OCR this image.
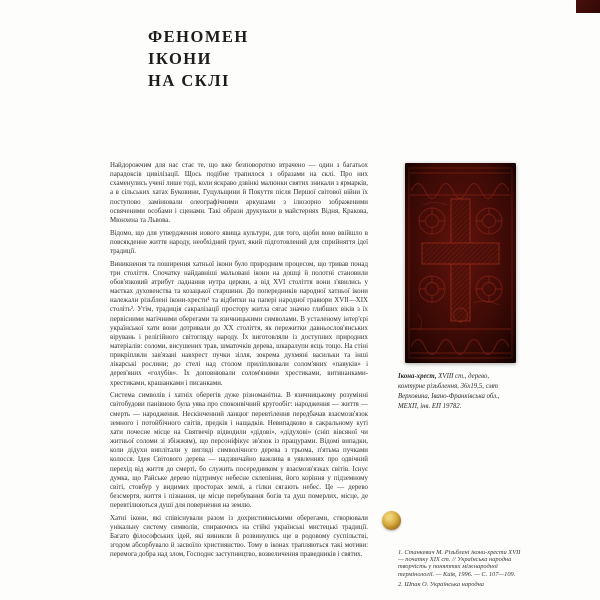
ФЕНОМЕН
ІКОНИ
НА СКЛІ

Найдорожчим для нас стає те, що вже безповоротно втрачено — один з багатьох парадоксів цивілізації. Щось подібне трапилося з образами на склі. Про них схаменулись учені лише тоді, коли яскраво дзвінкі малюнки святих зникали з ярмарків, а в сільських хатах Буковини, Гуцульщини й Покуття після Першої світової війни їх поступово замінювали олеографічними аркушами з ілюзорно зображеними освяченими особами і сценами. Такі образи друкували в майстернях Відня, Кракова, Мюнхена та Львова.

Відомо, що для утвердження нового явища культури, для того, щоби воно ввійшло в повсякденне життя народу, необхідний ґрунт, який підготовлений для сприйняття ідеї традиції.

Виникнення та поширення хатньої ікони було природним процесом, що тривав понад три століття. Спочатку найдавніші мальовані ікони на дошці й полотні становили обов'язковий атрибут ладнання нутра церкви, а від XVI століття вони з'явились у маєтках духовенства та козацької старшини. До попередників народної хатньої ікони належали різьблені ікони-хрести¹ та відбитки на папері народної гравюри XVII—XIX століть². Утім, традиція сакралізації простору житла сягає значно глибших віків з їх первісними магічними оберегами та язичницькими символами. В усталеному інтер'єрі української хати вони дотривали до XX століття, як пережитки давньослов'янських вірувань і релігійного світогляду народу. Їх виготовляли із доступних природних матеріалів: соломи, висушених трав, шматочків дерева, шкаралупи яєць тощо. На стіні прикріпляли зав'язані навхрест пучки зілля, зокрема духмяні васильки та інші лікарські рослини; до стелі над столом приліплювали солом'яних «павуків» і дерев'яних «голубів». Їх доповнювали солом'яними хрестиками, витинанками-хрестиками, крашанками і писанками.

Система символів і хатніх оберегів дуже різноманітна. В язичницькому розумінні світобудови панівною була уява про споконвічний кругообіг: народження — життя — смерть — народження. Нескінченний ланцюг перевтілення передбачав взаємозв'язок земного і потойбічного світів, предків і нащадків. Невипадково в сакральному куті хати почесне місце на Святвечір відводили «дідові», «дідухові» (сніп вівсяної чи житньої соломи зі збіжжям), що персоніфікує зв'язок із пращурами. Відомі випадки, коли дідухи виплітали у вигляді символічного дерева з трьома, п'ятьма пучками колосся. Ідея Світового дерева — надзвичайно важлива в уявленнях про одвічний перехід від життя до смерті, бо служить посередником у взаємозв'язках світів. Існує думка, що Райське дерево підтримує небесне склепіння, його коріння у підземному світі, стовбур у видимих просторах землі, а гілки сягають небес. Це — дерево безсмертя, життя і пізнання, це місце перебування богів та душ померлих, місце, де перевтілюються душі для повернення на землю.

Хатні ікони, які співіснували разом із дохристиянськими оберегами, створювали унікальну систему символів, спираючись на стійкі українські мистецькі традиції. Багато філософських ідей, які виникли й розвинулись ще в родовому суспільстві, згодом абсорбувало й засвоїло християнство. Тому в іконах трапляються такі мотиви: перемога добра над злом, Господнє заступництво, возвеличення праведників і святих.

Ікона-хрест, XVIII ст., дерево, контурне різьблення, 36х19,5, смт Верховина, Івано-Франківська обл., МЕХП, інв. ЕП 19782.
1. Станкевич М. Різьблені ікони-хрести XVII — початку XIX ст. // Українська народна творчість у поняттях міжнародної термінології. — Київ, 1996. — С. 107—109.
2. Шпак О. Українська народна
